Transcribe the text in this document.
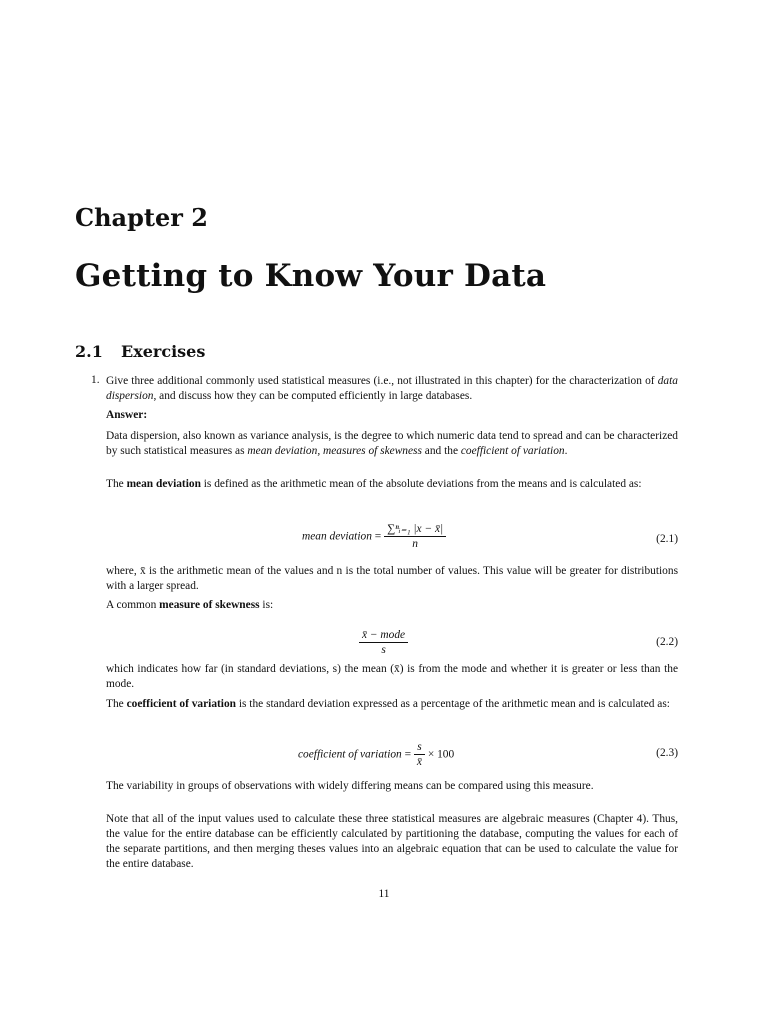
Chapter 2
Getting to Know Your Data
2.1 Exercises
1. Give three additional commonly used statistical measures (i.e., not illustrated in this chapter) for the characterization of data dispersion, and discuss how they can be computed efficiently in large databases.
Answer:
Data dispersion, also known as variance analysis, is the degree to which numeric data tend to spread and can be characterized by such statistical measures as mean deviation, measures of skewness and the coefficient of variation.
The mean deviation is defined as the arithmetic mean of the absolute deviations from the means and is calculated as:
mean deviation = $\frac{\text{∑ⁿᵢ₌₁ |x − x̄|}}{n}$	(2.1)
where, x̄ is the arithmetic mean of the values and n is the total number of values. This value will be greater for distributions with a larger spread.
A common measure of skewness is:
$\frac{\text{x̄ − mode}}{s}$	(2.2)
which indicates how far (in standard deviations, s) the mean (x̄) is from the mode and whether it is greater or less than the mode.
The coefficient of variation is the standard deviation expressed as a percentage of the arithmetic mean and is calculated as:
coefficient of variation = $\frac{s}{x̄} \times 100$	(2.3)
The variability in groups of observations with widely differing means can be compared using this measure.
Note that all of the input values used to calculate these three statistical measures are algebraic measures (Chapter 4). Thus, the value for the entire database can be efficiently calculated by partitioning the database, computing the values for each of the separate partitions, and then merging theses values into an algebraic equation that can be used to calculate the value for the entire database.
11
